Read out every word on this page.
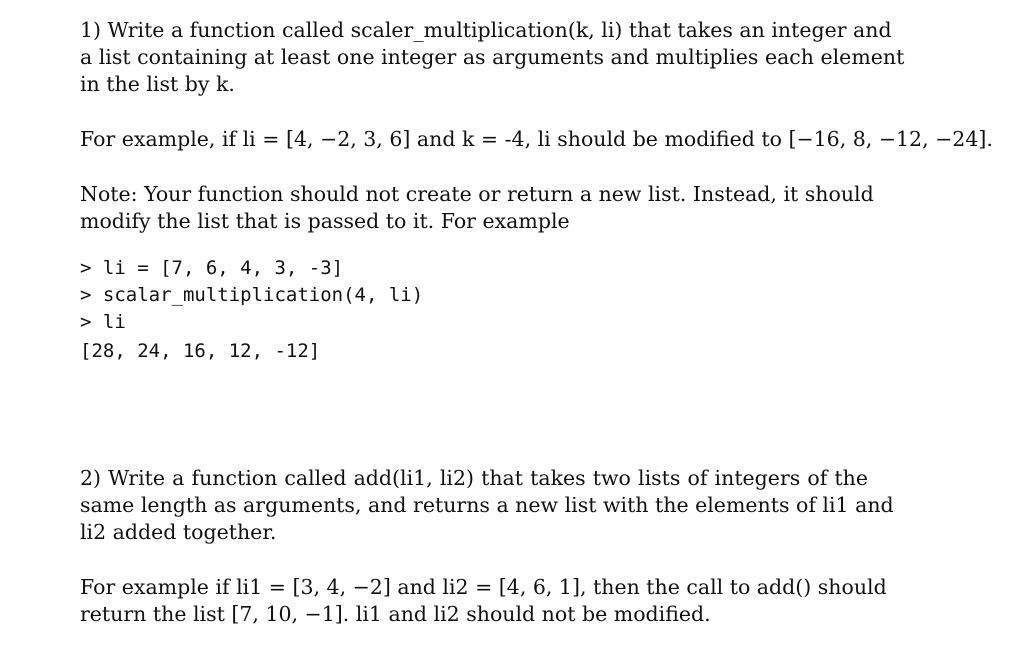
1) Write a function called scaler_multiplication(k, li) that takes an integer and
a list containing at least one integer as arguments and multiplies each element
in the list by k.
For example, if li = [4, −2, 3, 6] and k = -4, li should be modified to [−16, 8, −12, −24].
Note: Your function should not create or return a new list. Instead, it should
modify the list that is passed to it. For example
> li = [7, 6, 4, 3, -3]
> scalar_multiplication(4, li)
> li
[28, 24, 16, 12, -12]
2) Write a function called add(li1, li2) that takes two lists of integers of the
same length as arguments, and returns a new list with the elements of li1 and
li2 added together.
For example if li1 = [3, 4, −2] and li2 = [4, 6, 1], then the call to add() should
return the list [7, 10, −1]. li1 and li2 should not be modified.
